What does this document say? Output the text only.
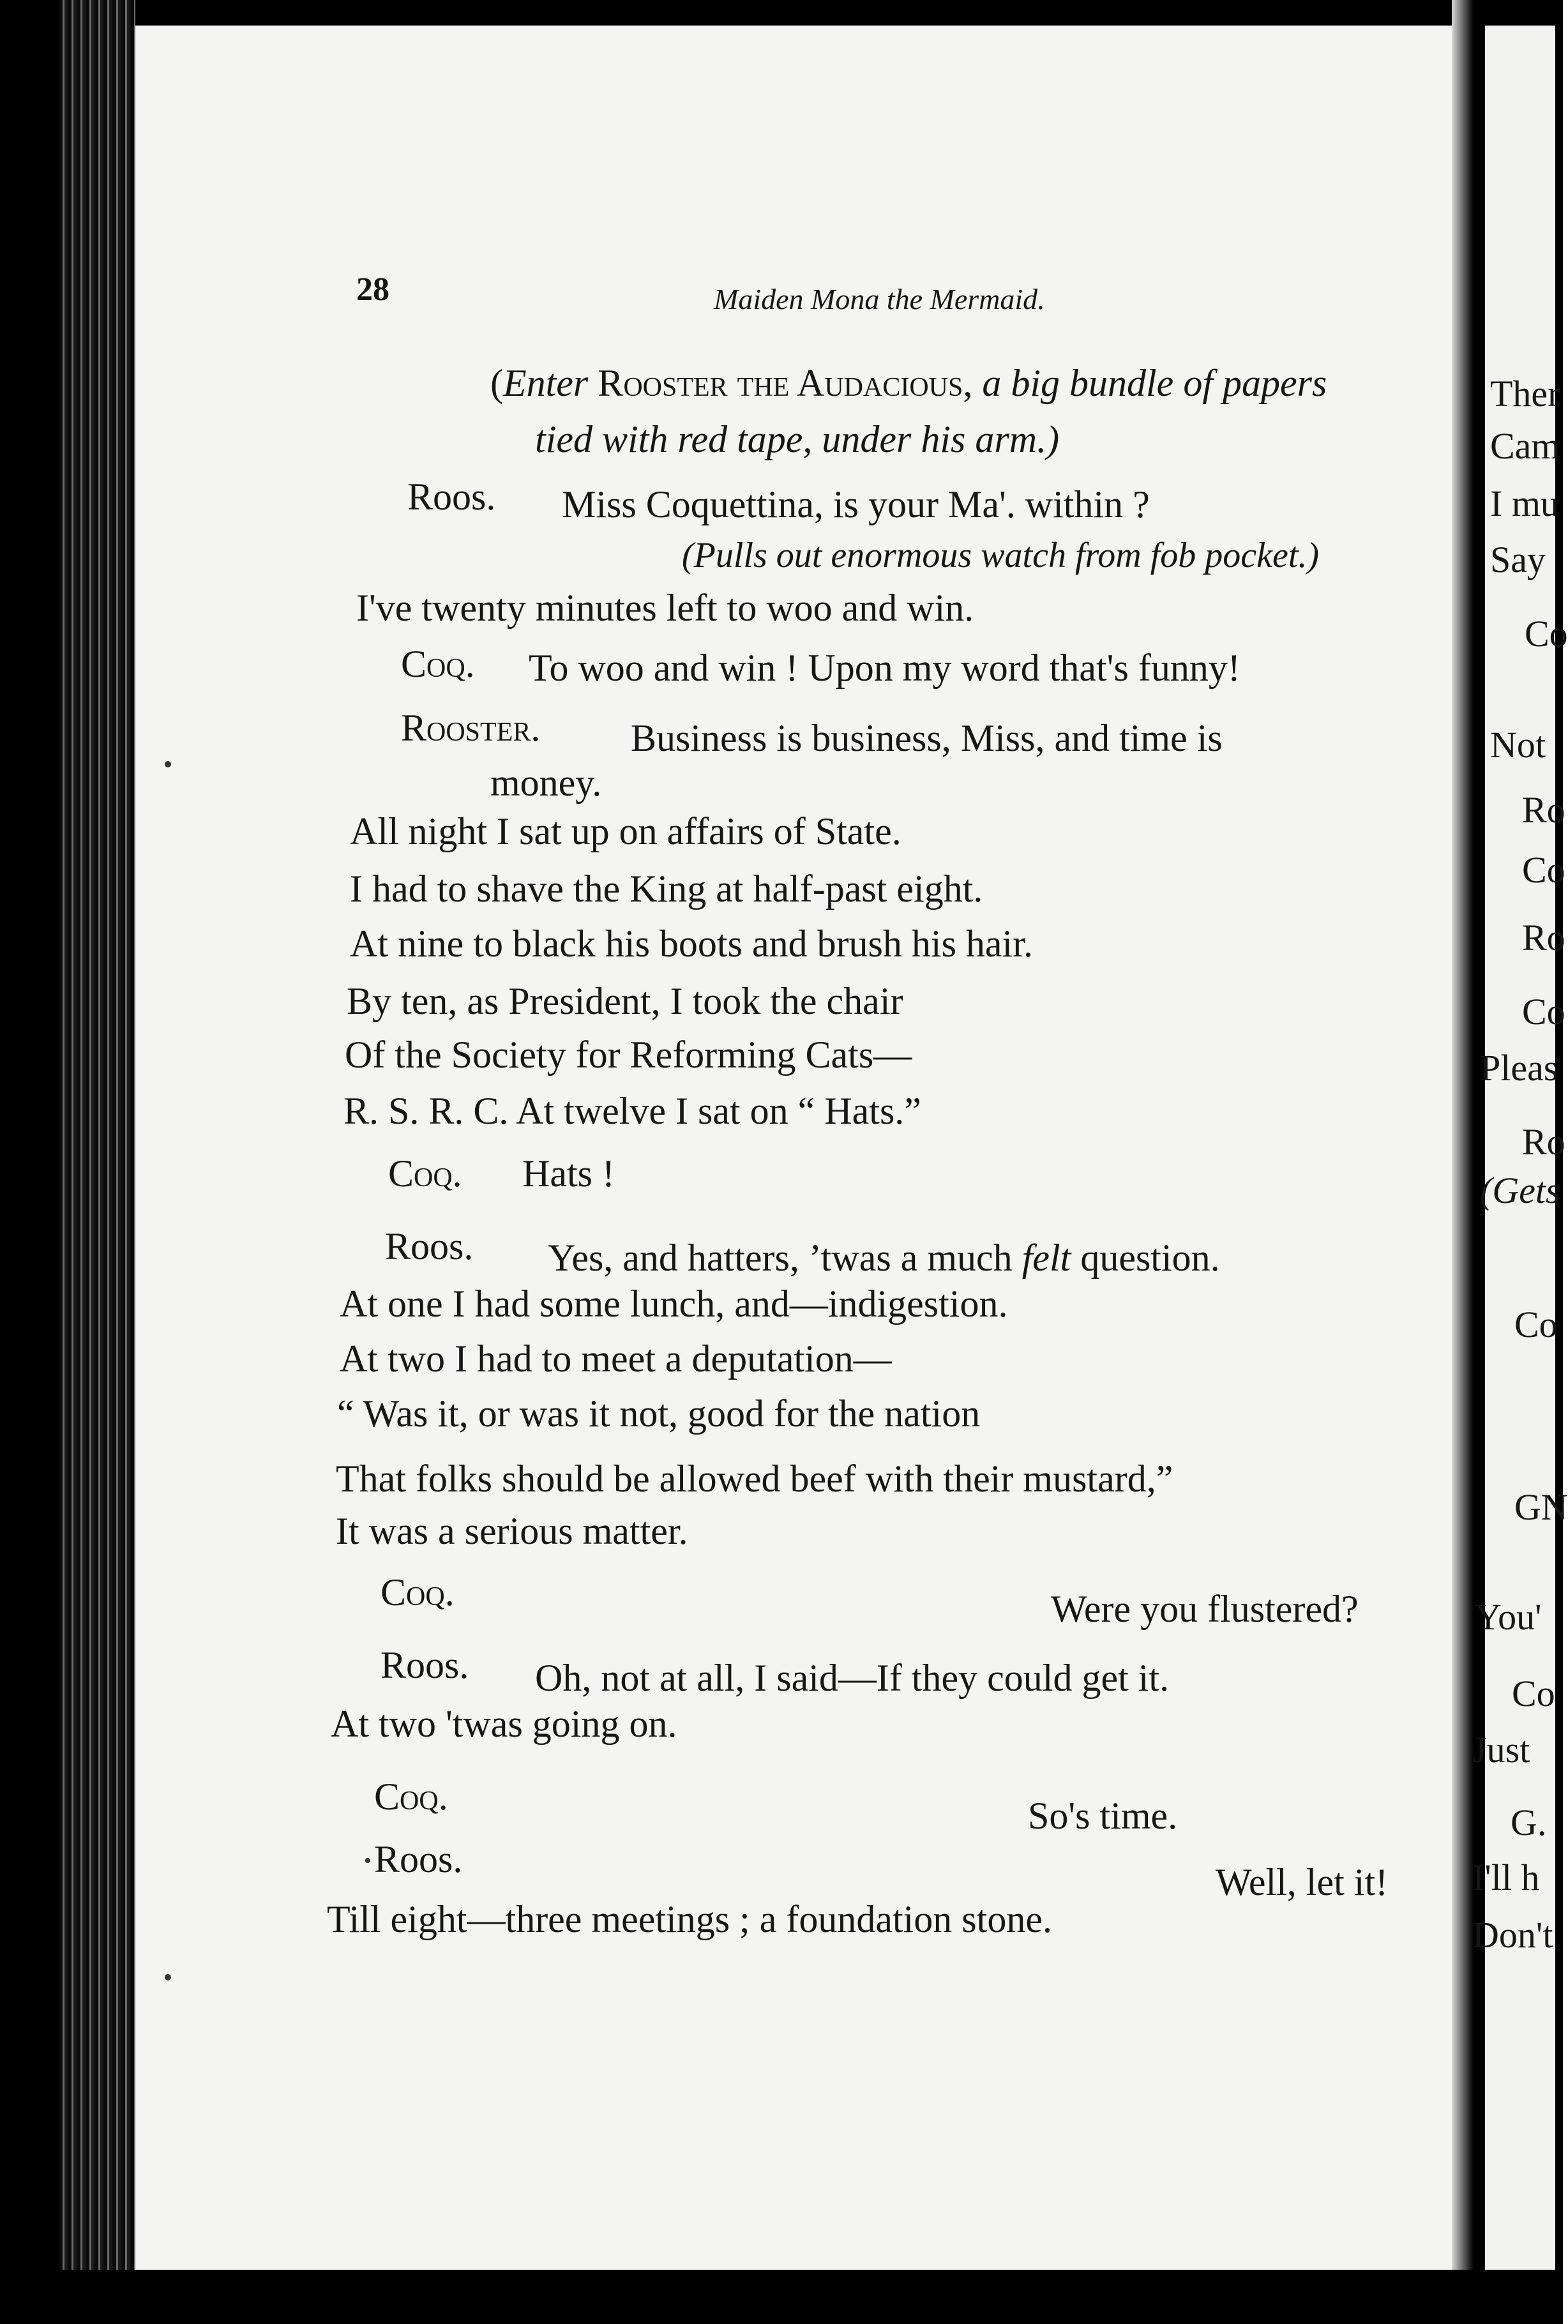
28	Maiden Mona the Mermaid.
(Enter Rooster the Audacious, a big bundle of papers
tied with red tape, under his arm.)
Roos. Miss Coquettina, is your Ma'. within ?
(Pulls out enormous watch from fob pocket.)
I've twenty minutes left to woo and win.
Coq. To woo and win ! Upon my word that's funny!
Rooster. Business is business, Miss, and time is
money.
All night I sat up on affairs of State.
I had to shave the King at half-past eight.
At nine to black his boots and brush his hair.
By ten, as President, I took the chair
Of the Society for Reforming Cats—
R. S. R. C. At twelve I sat on “ Hats.”
Coq. Hats !
Roos. Yes, and hatters, ’twas a much felt question.
At one I had some lunch, and—indigestion.
At two I had to meet a deputation—
“ Was it, or was it not, good for the nation
That folks should be allowed beef with their mustard,”
It was a serious matter.
Coq.	Were you flustered?
Roos. Oh, not at all, I said—If they could get it.
At two 'twas going on.
Coq.	So's time.
Roos.
Well, let it!
Till eight—three meetings ; a foundation stone.
Ther
Cam
I mu
Say
Co
Not
Ro
Co
Ro
Co
Pleas
Ro
(Gets
Co
GN
You'
Co
Just
G.
I'll h
Don't
